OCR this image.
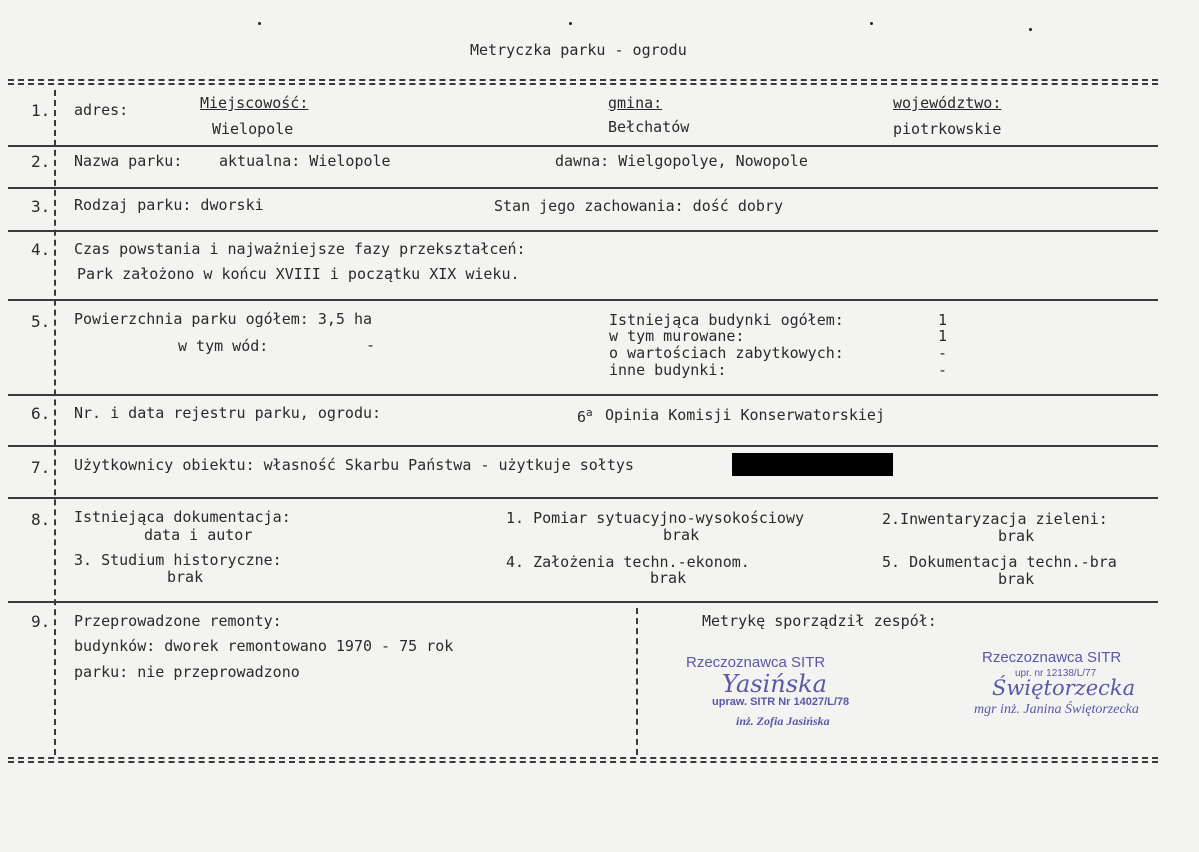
Metryczka parku - ogrodu
1. adres:	Miejscowość:
Wielopole
gmina:
Bełchatów
województwo:
piotrkowskie
2. Nazwa parku: aktualna: Wielopole	dawna: Wielgopolye, Nowopole
3. Rodzaj parku: dworski	Stan jego zachowania: dość dobry
4. Czas powstania i najważniejsze fazy przekształceń:
Park założono w końcu XVIII i początku XIX wieku.
5. Powierzchnia parku ogółem: 3,5 ha
w tym wód:	-
Istniejąca budynki ogółem:	1
w tym murowane:	1
o wartościach zabytkowych:	-
inne budynki:	-
6. Nr. i data rejestru parku, ogrodu:	6$^a$ Opinia Komisji Konserwatorskiej
7. Użytkownicy obiektu: własność Skarbu Państwa - użytkuje sołtys
8. Istniejąca dokumentacja:
data i autor
1. Pomiar sytuacyjno-wysokościowy
brak
2.Inwentaryzacja zieleni:
brak
3. Studium historyczne:
brak
4. Założenia techn.-ekonom.
brak
5. Dokumentacja techn.-bra
brak
9. Przeprowadzone remonty:
budynków: dworek remontowano 1970 - 75 rok
parku: nie przeprowadzono
Metrykę sporządził zespół:
Rzeczoznawca SITR
Yasińska
upraw. SITR Nr 14027/L/78
inż. Zofia Jasińska
Rzeczoznawca SITR
upr. nr 12138/L/77
Świętorzecka
mgr inż. Janina Świętorzecka
